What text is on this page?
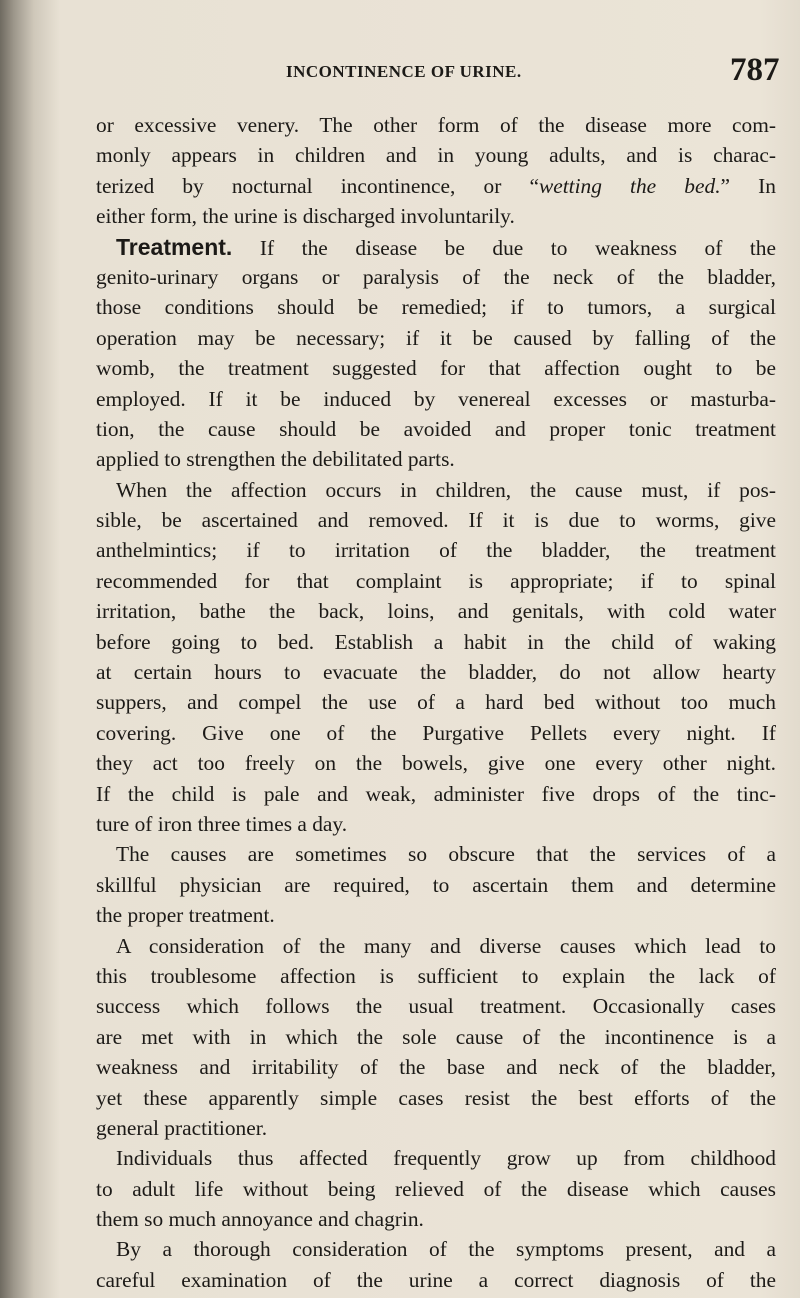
INCONTINENCE OF URINE.	787
or excessive venery. The other form of the disease more com-
monly appears in children and in young adults, and is charac-
terized by nocturnal incontinence, or “wetting the bed.” In
either form, the urine is discharged involuntarily.
Treatment. If the disease be due to weakness of the
genito-urinary organs or paralysis of the neck of the bladder,
those conditions should be remedied; if to tumors, a surgical
operation may be necessary; if it be caused by falling of the
womb, the treatment suggested for that affection ought to be
employed. If it be induced by venereal excesses or masturba-
tion, the cause should be avoided and proper tonic treatment
applied to strengthen the debilitated parts.
When the affection occurs in children, the cause must, if pos-
sible, be ascertained and removed. If it is due to worms, give
anthelmintics; if to irritation of the bladder, the treatment
recommended for that complaint is appropriate; if to spinal
irritation, bathe the back, loins, and genitals, with cold water
before going to bed. Establish a habit in the child of waking
at certain hours to evacuate the bladder, do not allow hearty
suppers, and compel the use of a hard bed without too much
covering. Give one of the Purgative Pellets every night. If
they act too freely on the bowels, give one every other night.
If the child is pale and weak, administer five drops of the tinc-
ture of iron three times a day.
The causes are sometimes so obscure that the services of a
skillful physician are required, to ascertain them and determine
the proper treatment.
A consideration of the many and diverse causes which lead to
this troublesome affection is sufficient to explain the lack of
success which follows the usual treatment. Occasionally cases
are met with in which the sole cause of the incontinence is a
weakness and irritability of the base and neck of the bladder,
yet these apparently simple cases resist the best efforts of the
general practitioner.
Individuals thus affected frequently grow up from childhood
to adult life without being relieved of the disease which causes
them so much annoyance and chagrin.
By a thorough consideration of the symptoms present, and a
careful examination of the urine a correct diagnosis of the
